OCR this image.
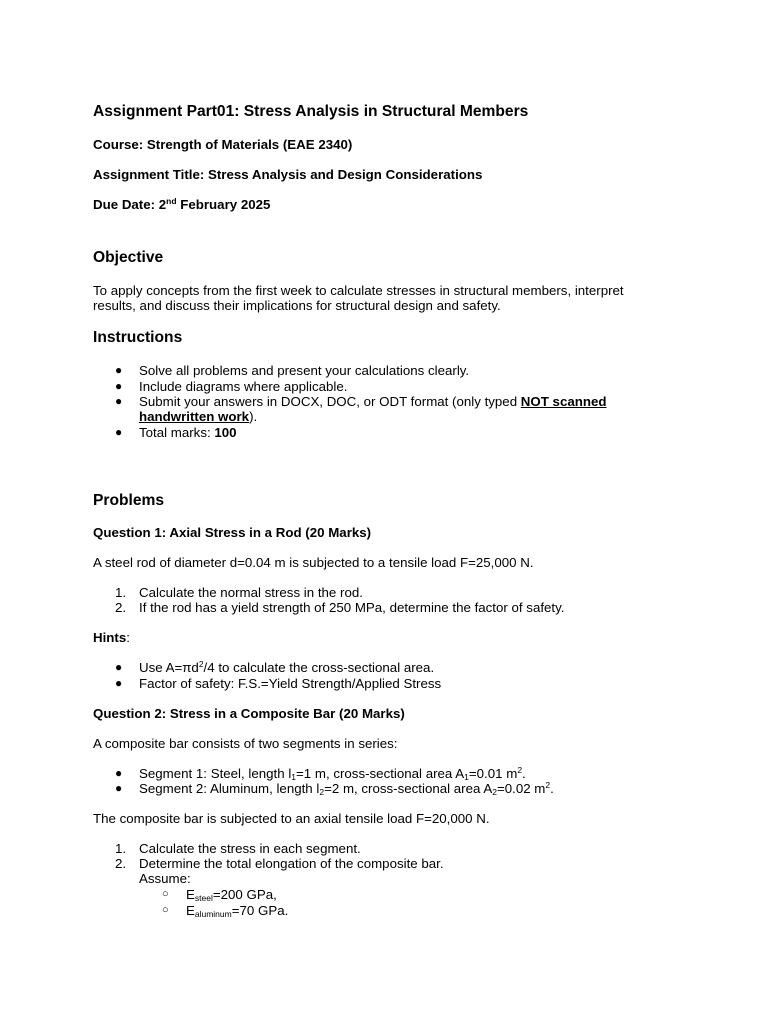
Assignment Part01: Stress Analysis in Structural Members
Course: Strength of Materials (EAE 2340)
Assignment Title: Stress Analysis and Design Considerations
Due Date: 2nd February 2025
Objective
To apply concepts from the first week to calculate stresses in structural members, interpret
results, and discuss their implications for structural design and safety.
Instructions
●	Solve all problems and present your calculations clearly.
●	Include diagrams where applicable.
●	Submit your answers in DOCX, DOC, or ODT format (only typed NOT scanned
handwritten work).
●	Total marks: 100
Problems
Question 1: Axial Stress in a Rod (20 Marks)
A steel rod of diameter d=0.04 m is subjected to a tensile load F=25,000 N.
1. Calculate the normal stress in the rod.
2. If the rod has a yield strength of 250 MPa, determine the factor of safety.
Hints:
●	Use $A=\pi d^2/4$ to calculate the cross-sectional area.
●	Factor of safety: F.S.=Yield Strength/Applied Stress
Question 2: Stress in a Composite Bar (20 Marks)
A composite bar consists of two segments in series:
●	Segment 1: Steel, length $l_1=1$ m, cross-sectional area $A_1=0.01$ $m^2$.
●	Segment 2: Aluminum, length $l_2=2$ m, cross-sectional area $A_2=0.02$ $m^2$.
The composite bar is subjected to an axial tensile load F=20,000 N.
1. Calculate the stress in each segment.
2. Determine the total elongation of the composite bar.
Assume:
○ $E_{steel}=200$ GPa,
○ $E_{aluminum}=70$ GPa.
